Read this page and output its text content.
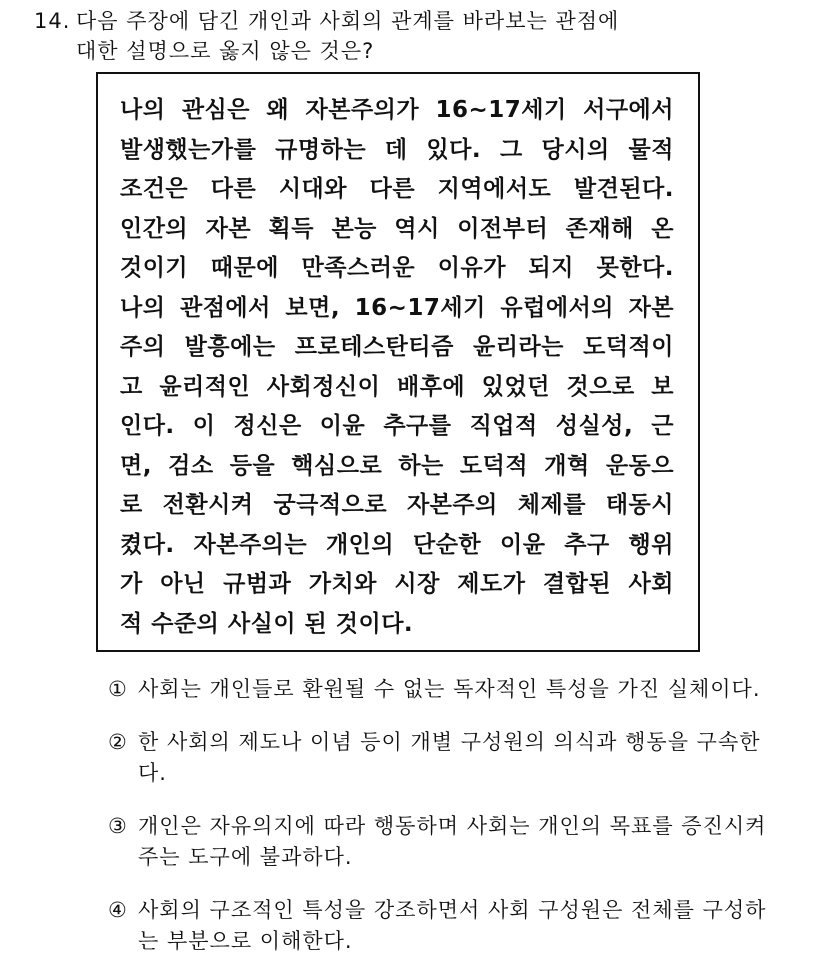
14. 다음 주장에 담긴 개인과 사회의 관계를 바라보는 관점에
대한 설명으로 옳지 않은 것은?
나의 관심은 왜 자본주의가 16~17세기 서구에서
발생했는가를 규명하는 데 있다. 그 당시의 물적
조건은 다른 시대와 다른 지역에서도 발견된다.
인간의 자본 획득 본능 역시 이전부터 존재해 온
것이기 때문에 만족스러운 이유가 되지 못한다.
나의 관점에서 보면, 16~17세기 유럽에서의 자본
주의 발흥에는 프로테스탄티즘 윤리라는 도덕적이
고 윤리적인 사회정신이 배후에 있었던 것으로 보
인다. 이 정신은 이윤 추구를 직업적 성실성, 근
면, 검소 등을 핵심으로 하는 도덕적 개혁 운동으
로 전환시켜 궁극적으로 자본주의 체제를 태동시
켰다. 자본주의는 개인의 단순한 이윤 추구 행위
가 아닌 규범과 가치와 시장 제도가 결합된 사회
적 수준의 사실이 된 것이다.
① 사회는 개인들로 환원될 수 없는 독자적인 특성을 가진 실체이다.
② 한 사회의 제도나 이념 등이 개별 구성원의 의식과 행동을 구속한다.
③ 개인은 자유의지에 따라 행동하며 사회는 개인의 목표를 증진시켜 주는 도구에 불과하다.
④ 사회의 구조적인 특성을 강조하면서 사회 구성원은 전체를 구성하는 부분으로 이해한다.
